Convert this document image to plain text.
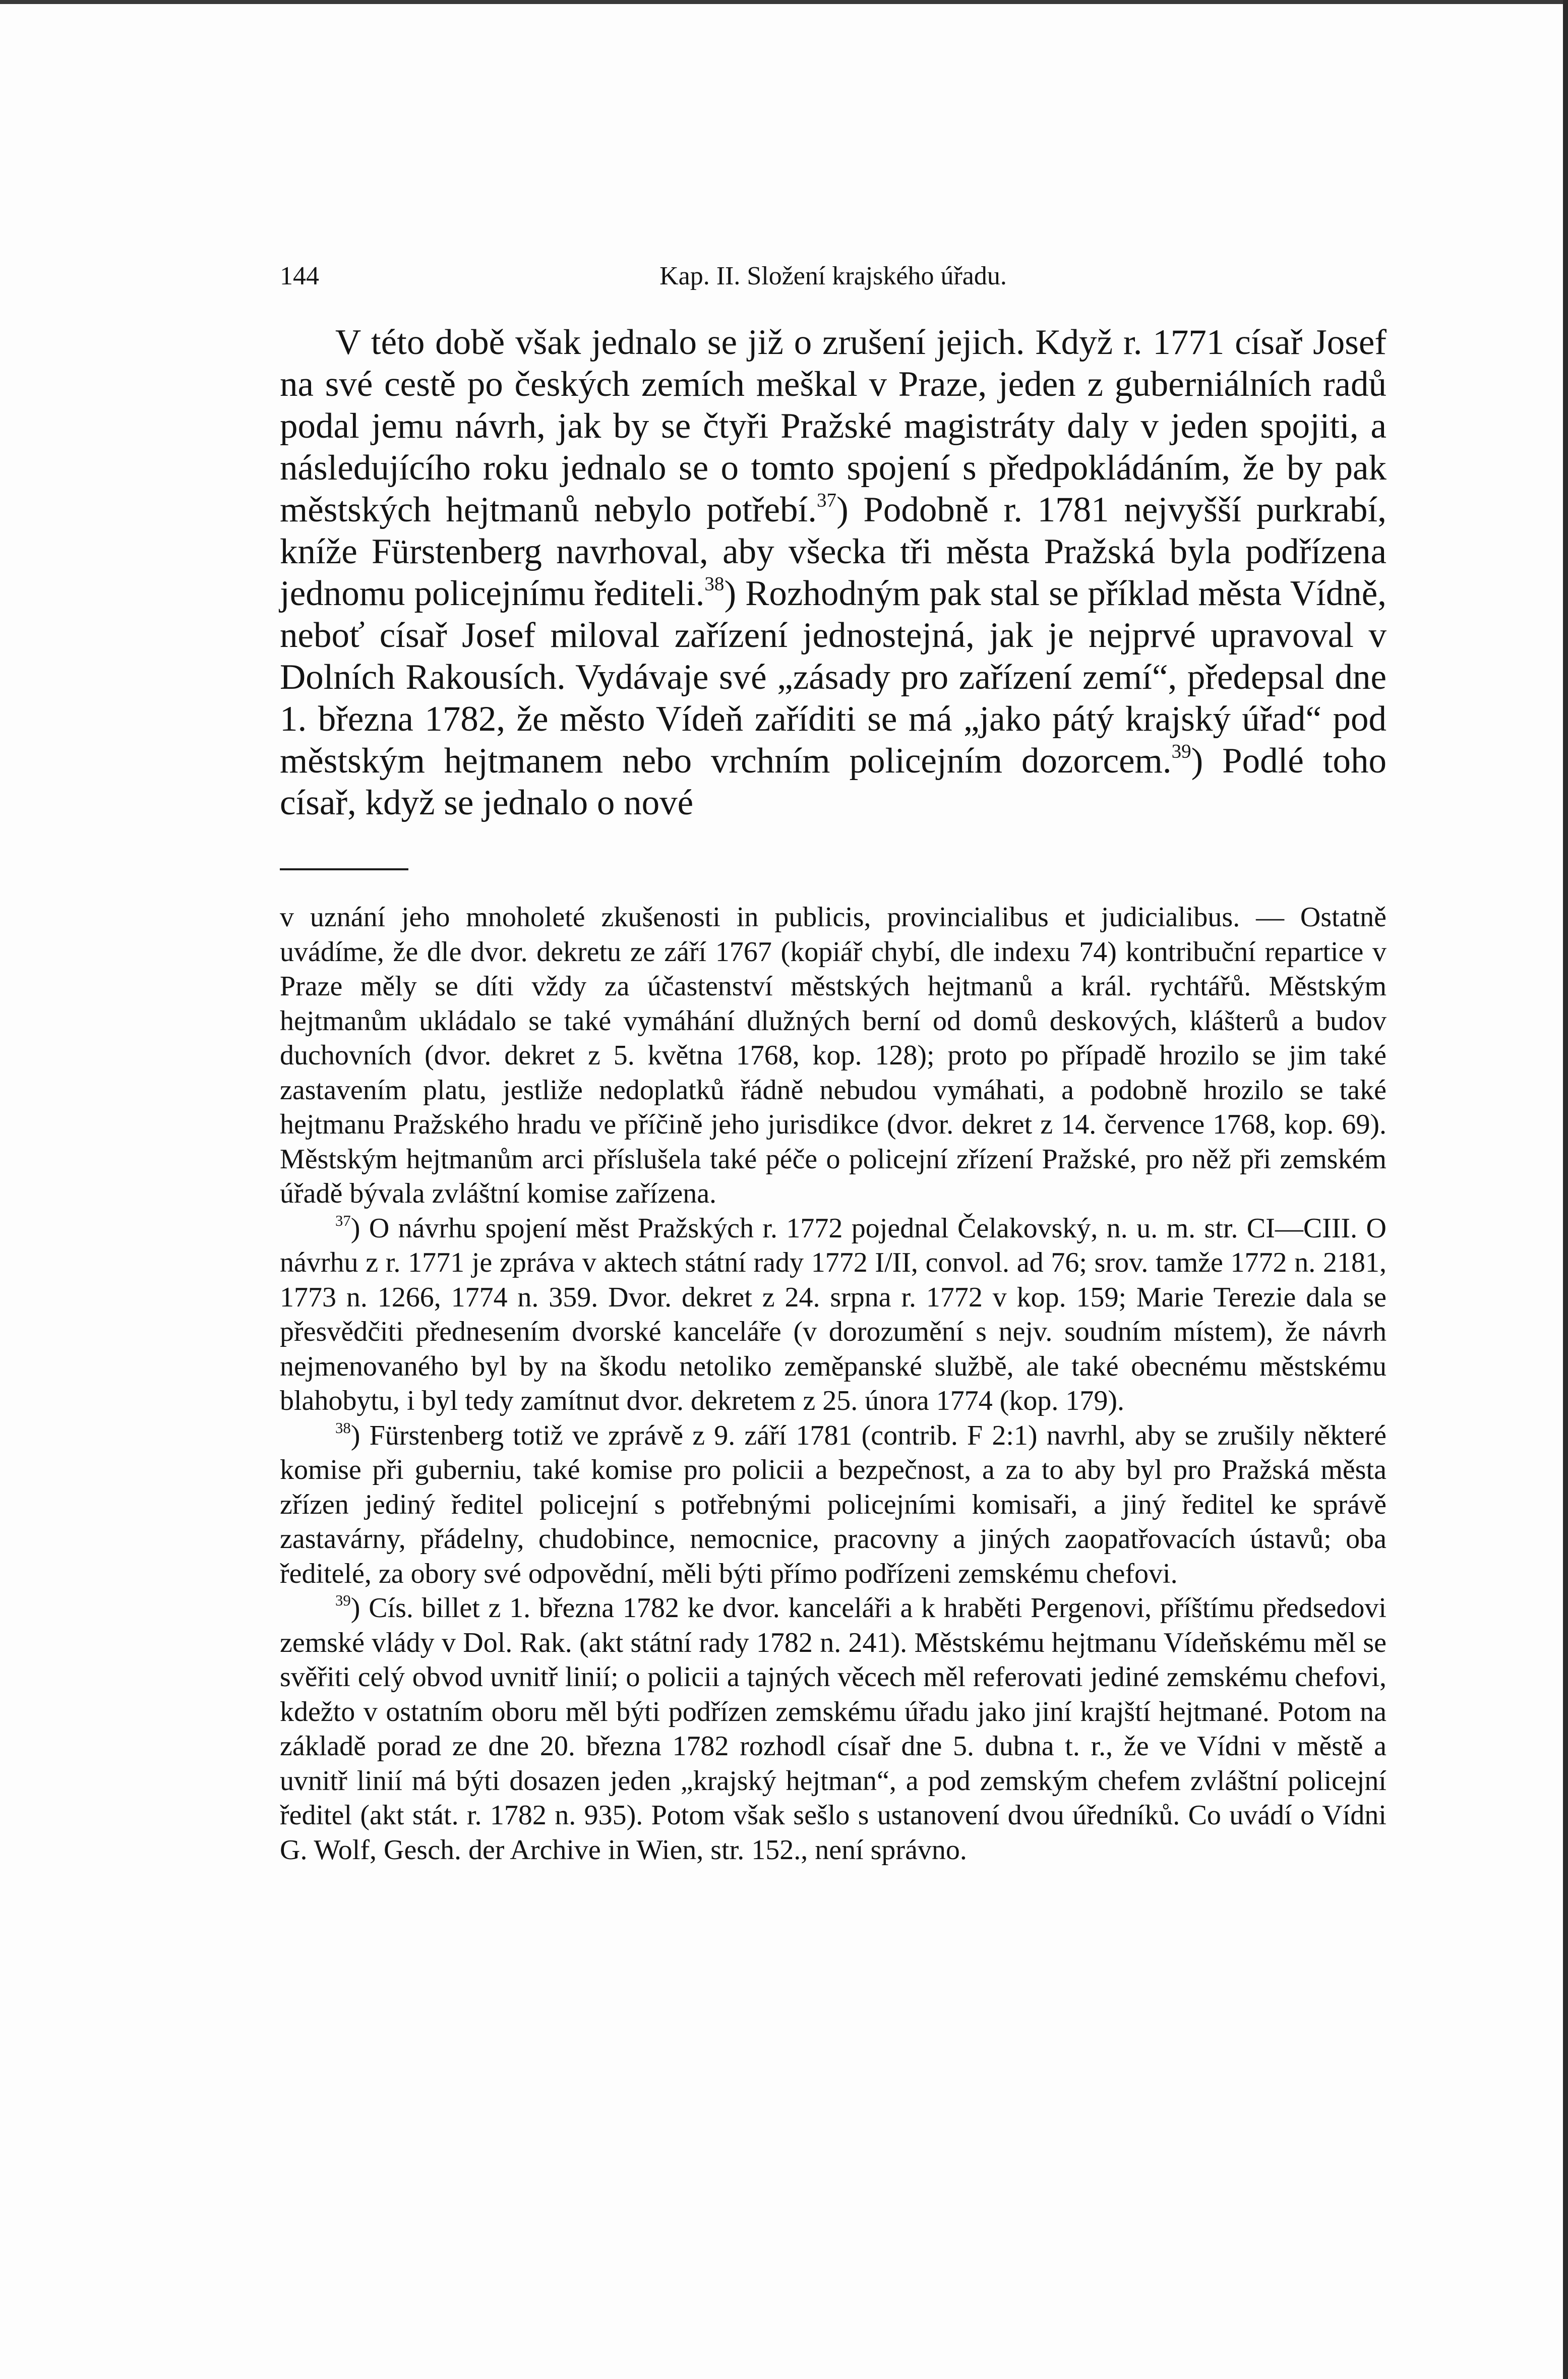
144	Kap. II. Složení krajského úřadu.

V této době však jednalo se již o zrušení jejich. Když r. 1771 císař Josef na své cestě po českých zemích meškal v Praze, jeden z guberniálních radů podal jemu návrh, jak by se čtyři Pražské magistráty daly v jeden spojiti, a následujícího roku jednalo se o tomto spojení s předpokládáním, že by pak městských hejtmanů nebylo potřebí.$^{37}$) Podobně r. 1781 nejvyšší purkrabí, kníže Fürstenberg navrhoval, aby všecka tři města Pražská byla podřízena jednomu policejnímu řediteli.$^{38}$) Rozhodným pak stal se příklad města Vídně, neboť císař Josef miloval zařízení jednostejná, jak je nejprvé upravoval v Dolních Rakousích. Vydávaje své „zásady pro zařízení zemí“, předepsal dne 1. března 1782, že město Vídeň zaříditi se má „jako pátý krajský úřad“ pod městským hejtmanem nebo vrchním policejním dozorcem.$^{39}$) Podlé toho císař, když se jednalo o nové

v uznání jeho mnoholeté zkušenosti in publicis, provincialibus et judicialibus. — Ostatně uvádíme, že dle dvor. dekretu ze září 1767 (kopiář chybí, dle indexu 74) kontribuční repartice v Praze měly se díti vždy za účastenství městských hejtmanů a král. rychtářů. Městským hejtmanům ukládalo se také vymáhání dlužných berní od domů deskových, klášterů a budov duchovních (dvor. dekret z 5. května 1768, kop. 128); proto po případě hrozilo se jim také zastavením platu, jestliže nedoplatků řádně nebudou vymáhati, a podobně hrozilo se také hejtmanu Pražského hradu ve příčině jeho jurisdikce (dvor. dekret z 14. července 1768, kop. 69). Městským hejtmanům arci příslušela také péče o policejní zřízení Pražské, pro něž při zemském úřadě bývala zvláštní komise zařízena.

$^{37}$) O návrhu spojení měst Pražských r. 1772 pojednal Čelakovský, n. u. m. str. CI—CIII. O návrhu z r. 1771 je zpráva v aktech státní rady 1772 I/II, convol. ad 76; srov. tamže 1772 n. 2181, 1773 n. 1266, 1774 n. 359. Dvor. dekret z 24. srpna r. 1772 v kop. 159; Marie Terezie dala se přesvědčiti přednesením dvorské kanceláře (v dorozumění s nejv. soudním místem), že návrh nejmenovaného byl by na škodu netoliko zeměpanské službě, ale také obecnému městskému blahobytu, i byl tedy zamítnut dvor. dekretem z 25. února 1774 (kop. 179).

$^{38}$) Fürstenberg totiž ve zprávě z 9. září 1781 (contrib. F 2:1) navrhl, aby se zrušily některé komise při guberniu, také komise pro policii a bezpečnost, a za to aby byl pro Pražská města zřízen jediný ředitel policejní s potřebnými policejními komisaři, a jiný ředitel ke správě zastavárny, přádelny, chudobince, nemocnice, pracovny a jiných zaopatřovacích ústavů; oba ředitelé, za obory své odpovědní, měli býti přímo podřízeni zemskému chefovi.

$^{39}$) Cís. billet z 1. března 1782 ke dvor. kanceláři a k hraběti Pergenovi, příštímu předsedovi zemské vlády v Dol. Rak. (akt státní rady 1782 n. 241). Městskému hejtmanu Vídeňskému měl se svěřiti celý obvod uvnitř linií; o policii a tajných věcech měl referovati jediné zemskému chefovi, kdežto v ostatním oboru měl býti podřízen zemskému úřadu jako jiní krajští hejtmané. Potom na základě porad ze dne 20. března 1782 rozhodl císař dne 5. dubna t. r., že ve Vídni v městě a uvnitř linií má býti dosazen jeden „krajský hejtman“, a pod zemským chefem zvláštní policejní ředitel (akt stát. r. 1782 n. 935). Potom však sešlo s ustanovení dvou úředníků. Co uvádí o Vídni G. Wolf, Gesch. der Archive in Wien, str. 152., není správno.
